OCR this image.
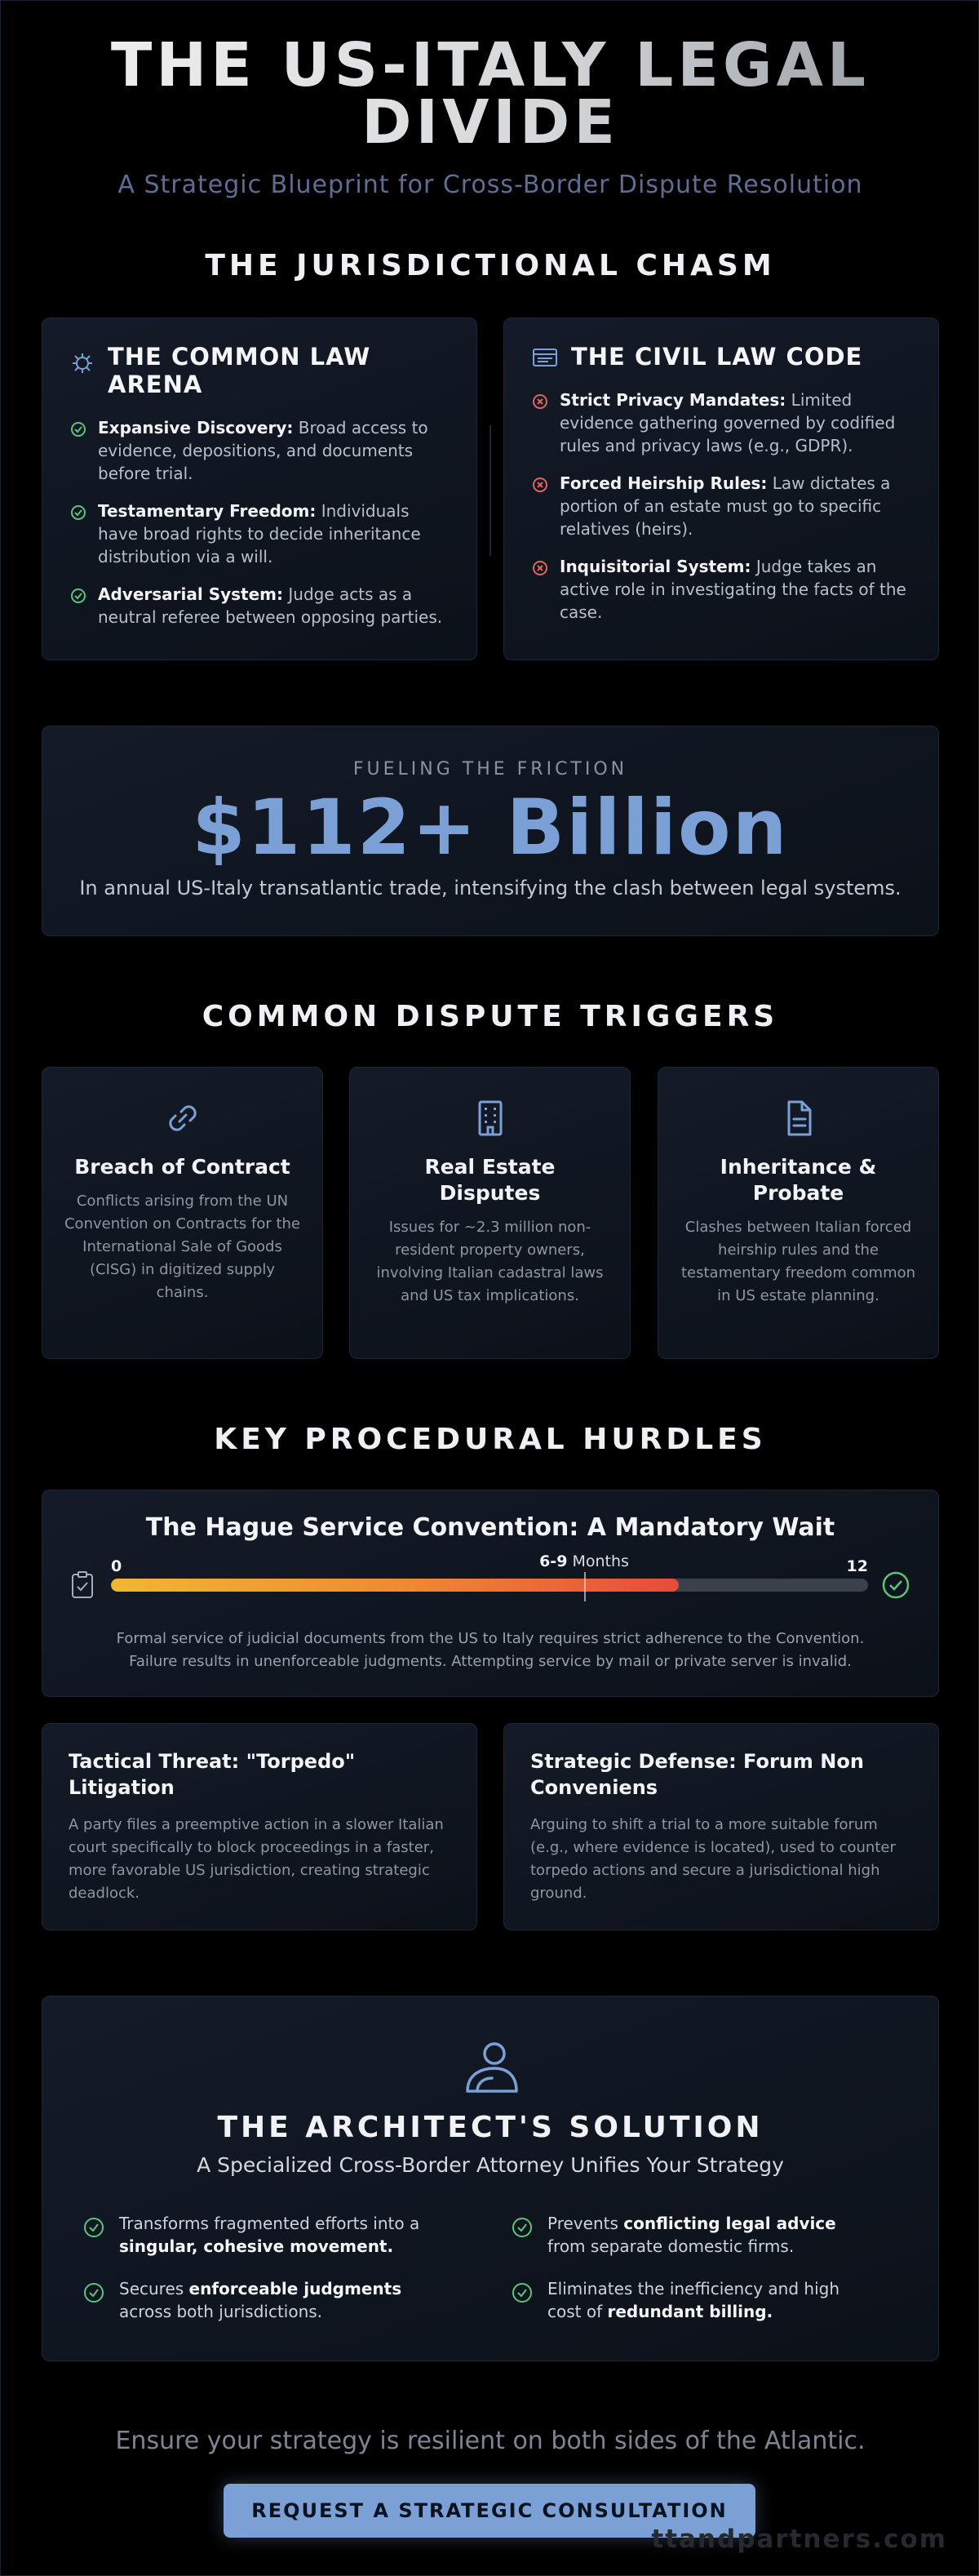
THE US-ITALY LEGAL
DIVIDE
A Strategic Blueprint for Cross-Border Dispute Resolution
THE JURISDICTIONAL CHASM
THE COMMON LAW ARENA
Expansive Discovery: Broad access to evidence, depositions, and documents before trial.
Testamentary Freedom: Individuals have broad rights to decide inheritance distribution via a will.
Adversarial System: Judge acts as a neutral referee between opposing parties.
THE CIVIL LAW CODE
Strict Privacy Mandates: Limited evidence gathering governed by codified rules and privacy laws (e.g., GDPR).
Forced Heirship Rules: Law dictates a portion of an estate must go to specific relatives (heirs).
Inquisitorial System: Judge takes an active role in investigating the facts of the case.
FUELING THE FRICTION
$112+ Billion
In annual US-Italy transatlantic trade, intensifying the clash between legal systems.
COMMON DISPUTE TRIGGERS
Breach of Contract
Conflicts arising from the UN Convention on Contracts for the International Sale of Goods (CISG) in digitized supply chains.
Real Estate Disputes
Issues for ~2.3 million non-resident property owners, involving Italian cadastral laws and US tax implications.
Inheritance & Probate
Clashes between Italian forced heirship rules and the testamentary freedom common in US estate planning.
KEY PROCEDURAL HURDLES
The Hague Service Convention: A Mandatory Wait
0	12
6-9 Months
Formal service of judicial documents from the US to Italy requires strict adherence to the Convention. Failure results in unenforceable judgments. Attempting service by mail or private server is invalid.
Tactical Threat: "Torpedo" Litigation
A party files a preemptive action in a slower Italian court specifically to block proceedings in a faster, more favorable US jurisdiction, creating strategic deadlock.
Strategic Defense: Forum Non Conveniens
Arguing to shift a trial to a more suitable forum (e.g., where evidence is located), used to counter torpedo actions and secure a jurisdictional high ground.
THE ARCHITECT'S SOLUTION
A Specialized Cross-Border Attorney Unifies Your Strategy
Transforms fragmented efforts into a singular, cohesive movement.
Prevents conflicting legal advice from separate domestic firms.
Secures enforceable judgments across both jurisdictions.
Eliminates the inefficiency and high cost of redundant billing.
Ensure your strategy is resilient on both sides of the Atlantic.
REQUEST A STRATEGIC CONSULTATION
ttandpartners.com
